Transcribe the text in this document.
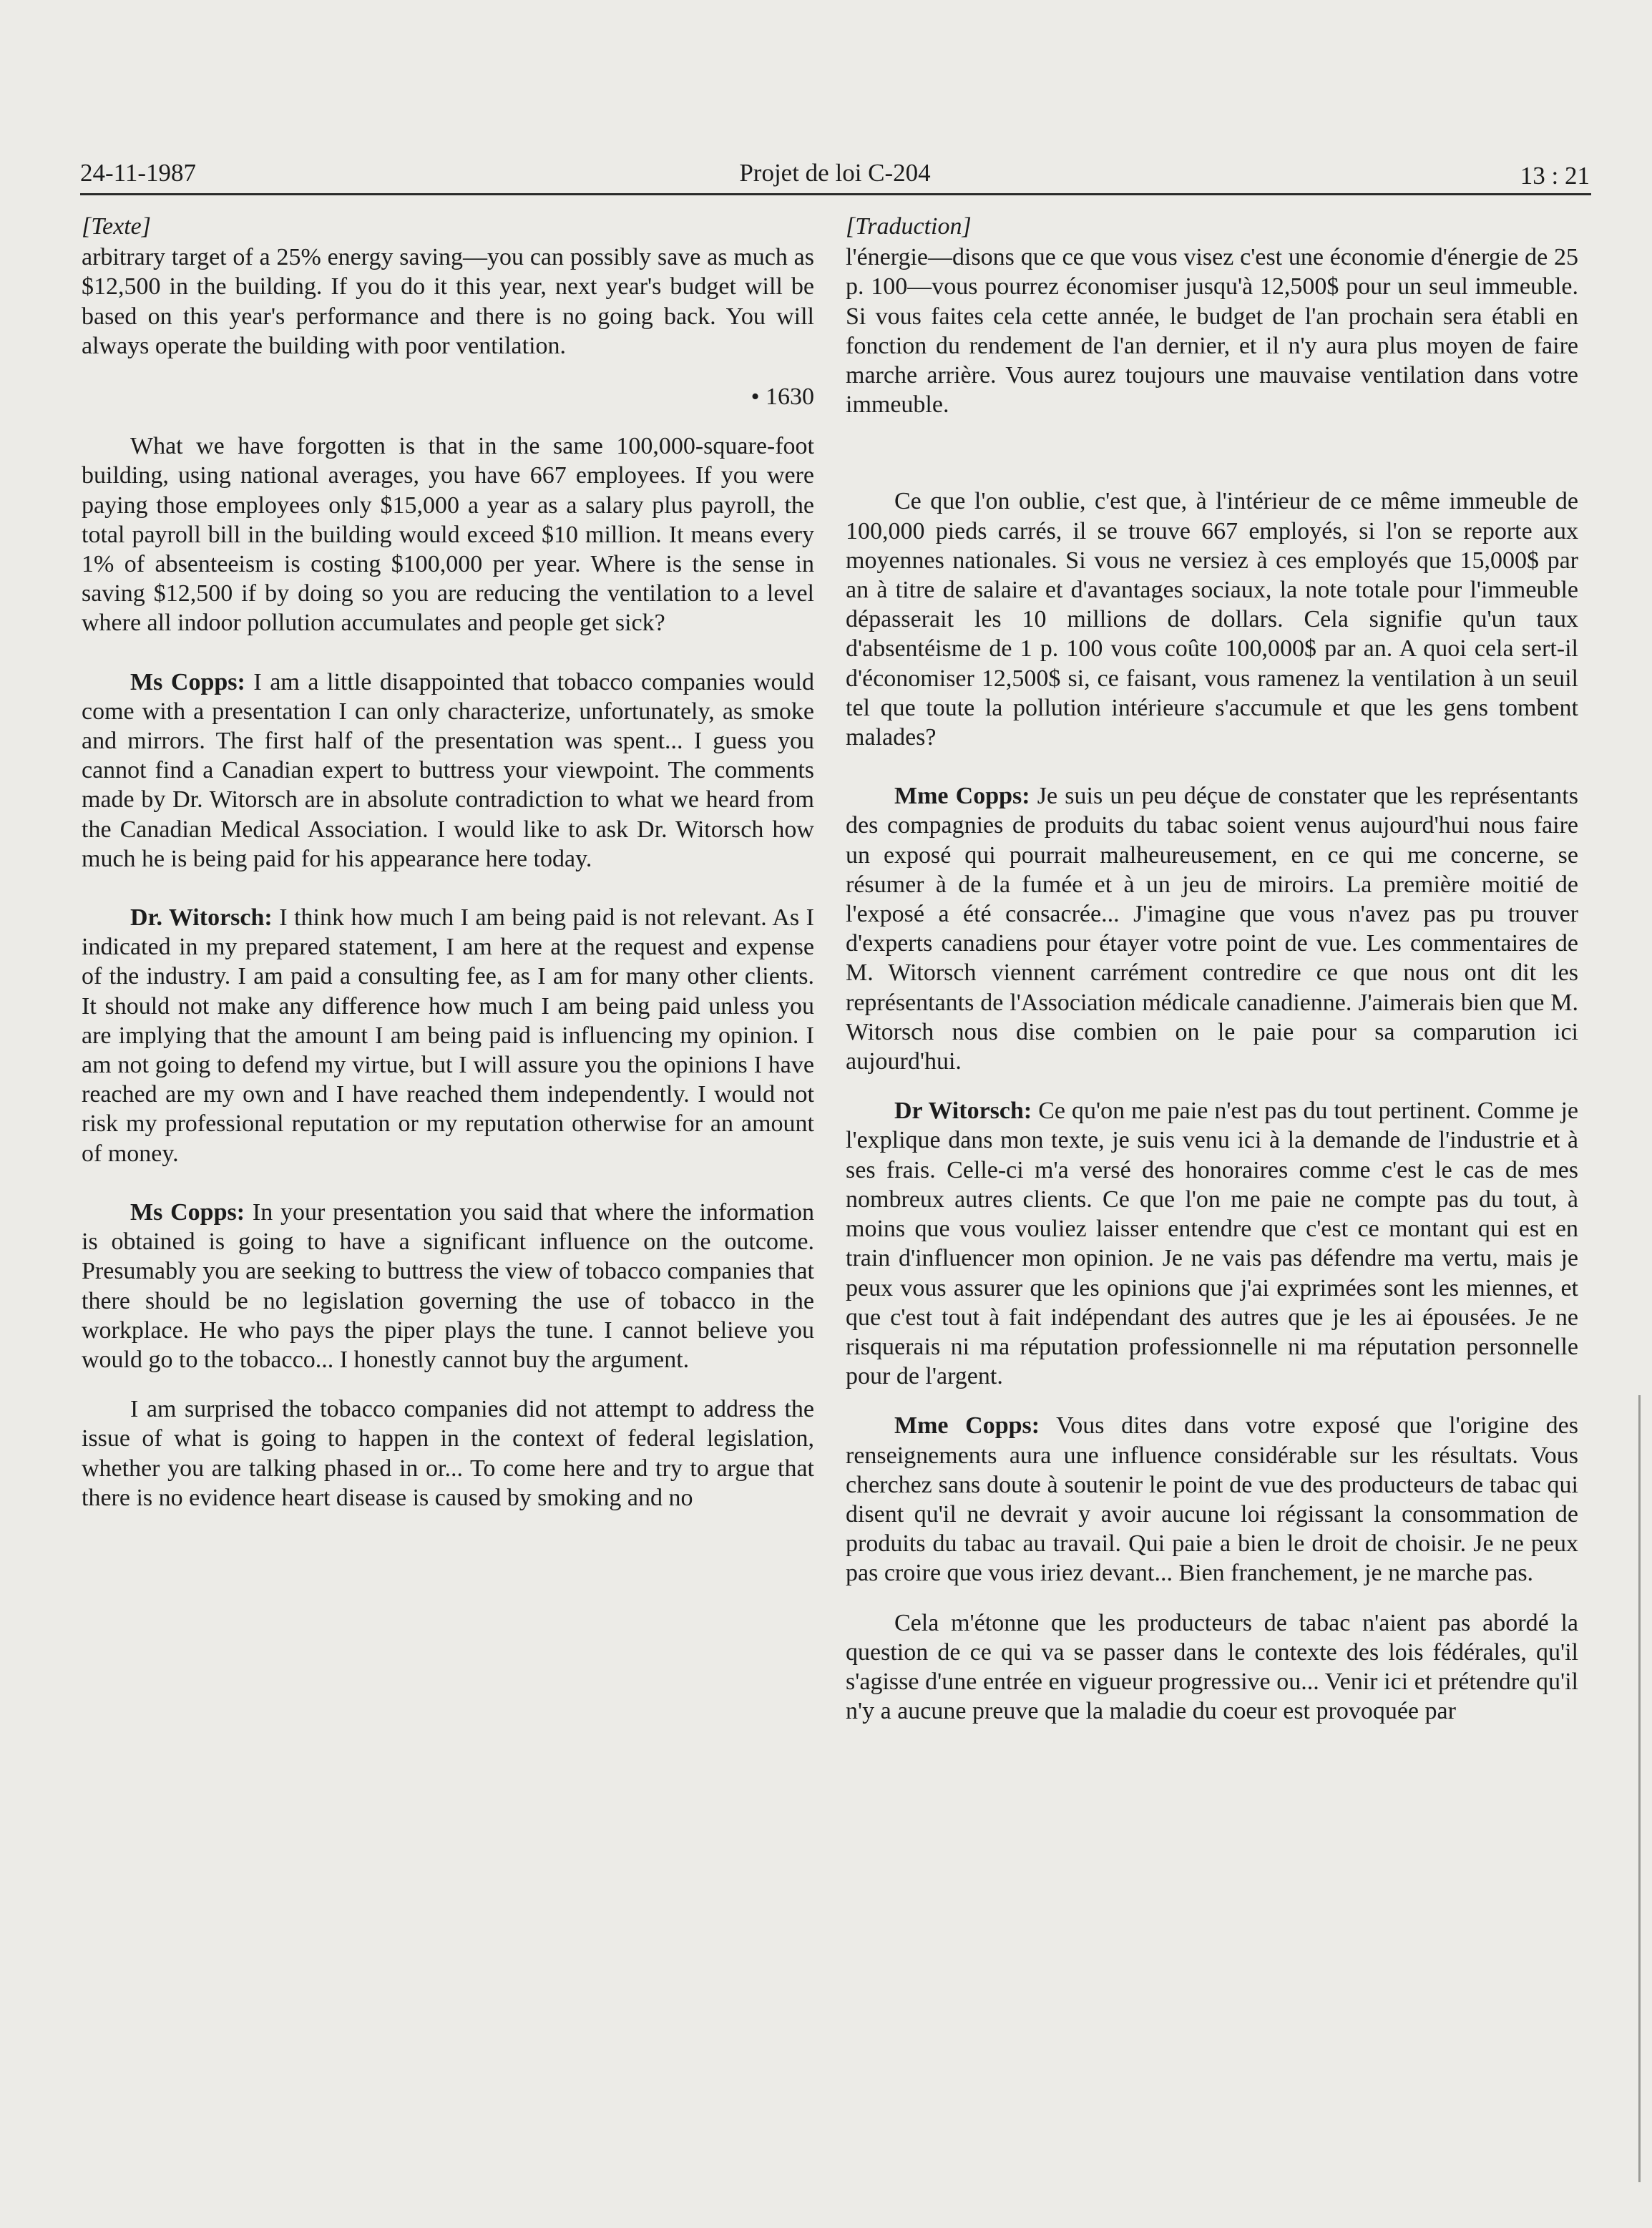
24-11-1987	Projet de loi C-204	13 : 21

[Texte]

arbitrary target of a 25% energy saving—you can possibly save as much as $12,500 in the building. If you do it this year, next year's budget will be based on this year's performance and there is no going back. You will always operate the building with poor ventilation.

• 1630

What we have forgotten is that in the same 100,000-square-foot building, using national averages, you have 667 employees. If you were paying those employees only $15,000 a year as a salary plus payroll, the total payroll bill in the building would exceed $10 million. It means every 1% of absenteeism is costing $100,000 per year. Where is the sense in saving $12,500 if by doing so you are reducing the ventilation to a level where all indoor pollution accumulates and people get sick?

Ms Copps: I am a little disappointed that tobacco companies would come with a presentation I can only characterize, unfortunately, as smoke and mirrors. The first half of the presentation was spent... I guess you cannot find a Canadian expert to buttress your viewpoint. The comments made by Dr. Witorsch are in absolute contradiction to what we heard from the Canadian Medical Association. I would like to ask Dr. Witorsch how much he is being paid for his appearance here today.

Dr. Witorsch: I think how much I am being paid is not relevant. As I indicated in my prepared statement, I am here at the request and expense of the industry. I am paid a consulting fee, as I am for many other clients. It should not make any difference how much I am being paid unless you are implying that the amount I am being paid is influencing my opinion. I am not going to defend my virtue, but I will assure you the opinions I have reached are my own and I have reached them independently. I would not risk my professional reputation or my reputation otherwise for an amount of money.

Ms Copps: In your presentation you said that where the information is obtained is going to have a significant influence on the outcome. Presumably you are seeking to buttress the view of tobacco companies that there should be no legislation governing the use of tobacco in the workplace. He who pays the piper plays the tune. I cannot believe you would go to the tobacco... I honestly cannot buy the argument.

I am surprised the tobacco companies did not attempt to address the issue of what is going to happen in the context of federal legislation, whether you are talking phased in or... To come here and try to argue that there is no evidence heart disease is caused by smoking and no

[Traduction]

l'énergie—disons que ce que vous visez c'est une économie d'énergie de 25 p. 100—vous pourrez économiser jusqu'à 12,500$ pour un seul immeuble. Si vous faites cela cette année, le budget de l'an prochain sera établi en fonction du rendement de l'an dernier, et il n'y aura plus moyen de faire marche arrière. Vous aurez toujours une mauvaise ventilation dans votre immeuble.

Ce que l'on oublie, c'est que, à l'intérieur de ce même immeuble de 100,000 pieds carrés, il se trouve 667 employés, si l'on se reporte aux moyennes nationales. Si vous ne versiez à ces employés que 15,000$ par an à titre de salaire et d'avantages sociaux, la note totale pour l'immeuble dépasserait les 10 millions de dollars. Cela signifie qu'un taux d'absentéisme de 1 p. 100 vous coûte 100,000$ par an. A quoi cela sert-il d'économiser 12,500$ si, ce faisant, vous ramenez la ventilation à un seuil tel que toute la pollution intérieure s'accumule et que les gens tombent malades?

Mme Copps: Je suis un peu déçue de constater que les représentants des compagnies de produits du tabac soient venus aujourd'hui nous faire un exposé qui pourrait malheureusement, en ce qui me concerne, se résumer à de la fumée et à un jeu de miroirs. La première moitié de l'exposé a été consacrée... J'imagine que vous n'avez pas pu trouver d'experts canadiens pour étayer votre point de vue. Les commentaires de M. Witorsch viennent carrément contredire ce que nous ont dit les représentants de l'Association médicale canadienne. J'aimerais bien que M. Witorsch nous dise combien on le paie pour sa comparution ici aujourd'hui.

Dr Witorsch: Ce qu'on me paie n'est pas du tout pertinent. Comme je l'explique dans mon texte, je suis venu ici à la demande de l'industrie et à ses frais. Celle-ci m'a versé des honoraires comme c'est le cas de mes nombreux autres clients. Ce que l'on me paie ne compte pas du tout, à moins que vous vouliez laisser entendre que c'est ce montant qui est en train d'influencer mon opinion. Je ne vais pas défendre ma vertu, mais je peux vous assurer que les opinions que j'ai exprimées sont les miennes, et que c'est tout à fait indépendant des autres que je les ai épousées. Je ne risquerais ni ma réputation professionnelle ni ma réputation personnelle pour de l'argent.

Mme Copps: Vous dites dans votre exposé que l'origine des renseignements aura une influence considérable sur les résultats. Vous cherchez sans doute à soutenir le point de vue des producteurs de tabac qui disent qu'il ne devrait y avoir aucune loi régissant la consommation de produits du tabac au travail. Qui paie a bien le droit de choisir. Je ne peux pas croire que vous iriez devant... Bien franchement, je ne marche pas.

Cela m'étonne que les producteurs de tabac n'aient pas abordé la question de ce qui va se passer dans le contexte des lois fédérales, qu'il s'agisse d'une entrée en vigueur progressive ou... Venir ici et prétendre qu'il n'y a aucune preuve que la maladie du coeur est provoquée par
